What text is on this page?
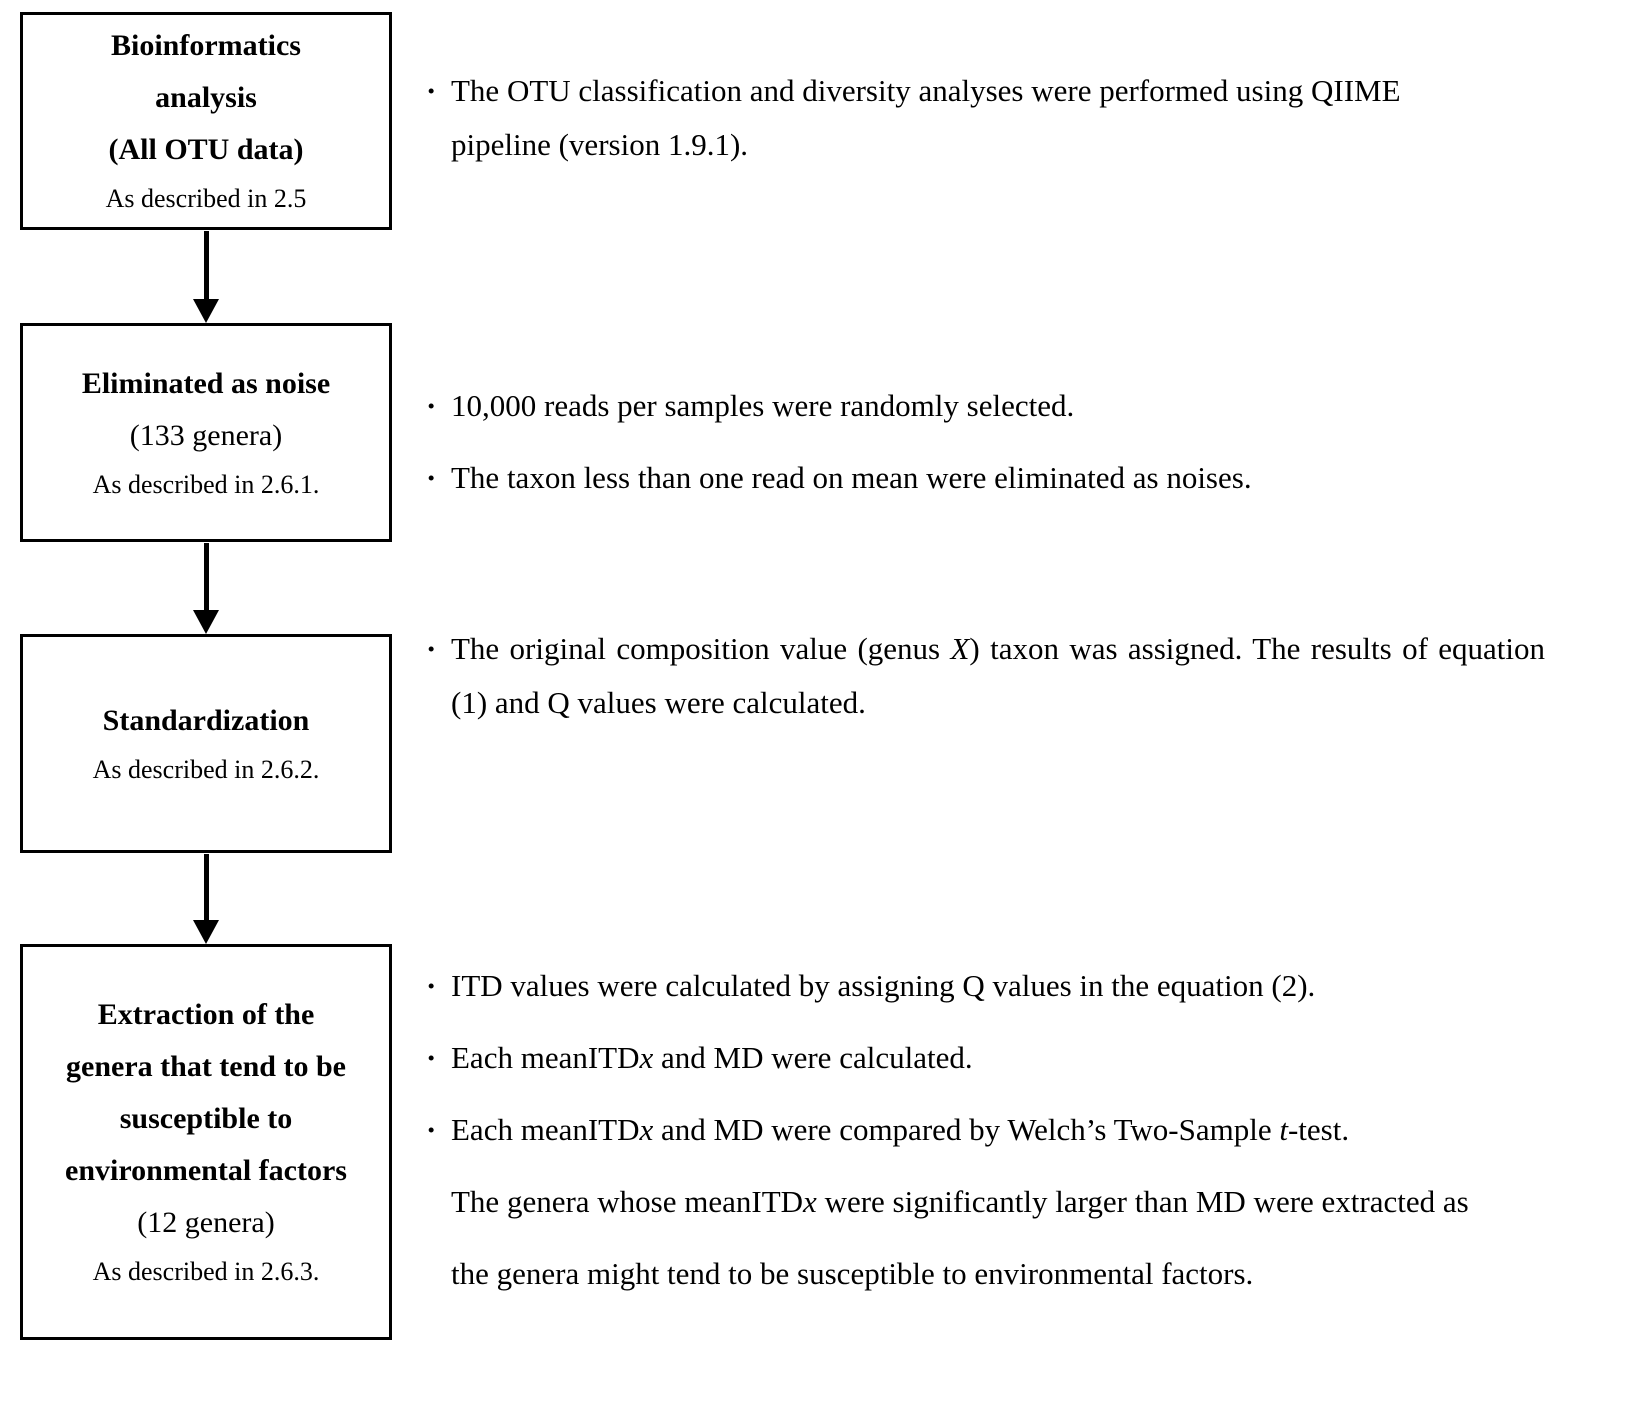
Bioinformatics
analysis
(All OTU data)
As described in 2.5
Eliminated as noise
(133 genera)
As described in 2.6.1.
Standardization
As described in 2.6.2.
Extraction of the
genera that tend to be
susceptible to
environmental factors
(12 genera)
As described in 2.6.3.

· The OTU classification and diversity analyses were performed using QIIME
pipeline (version 1.9.1).

· 10,000 reads per samples were randomly selected.

· The taxon less than one read on mean were eliminated as noises.

· The original composition value (genus X) taxon was assigned. The results of equation (1) and Q values were calculated.

· ITD values were calculated by assigning Q values in the equation (2).

· Each meanITDx and MD were calculated.

· Each meanITDx and MD were compared by Welch’s Two-Sample t-test.

The genera whose meanITDx were significantly larger than MD were extracted as
the genera might tend to be susceptible to environmental factors.
